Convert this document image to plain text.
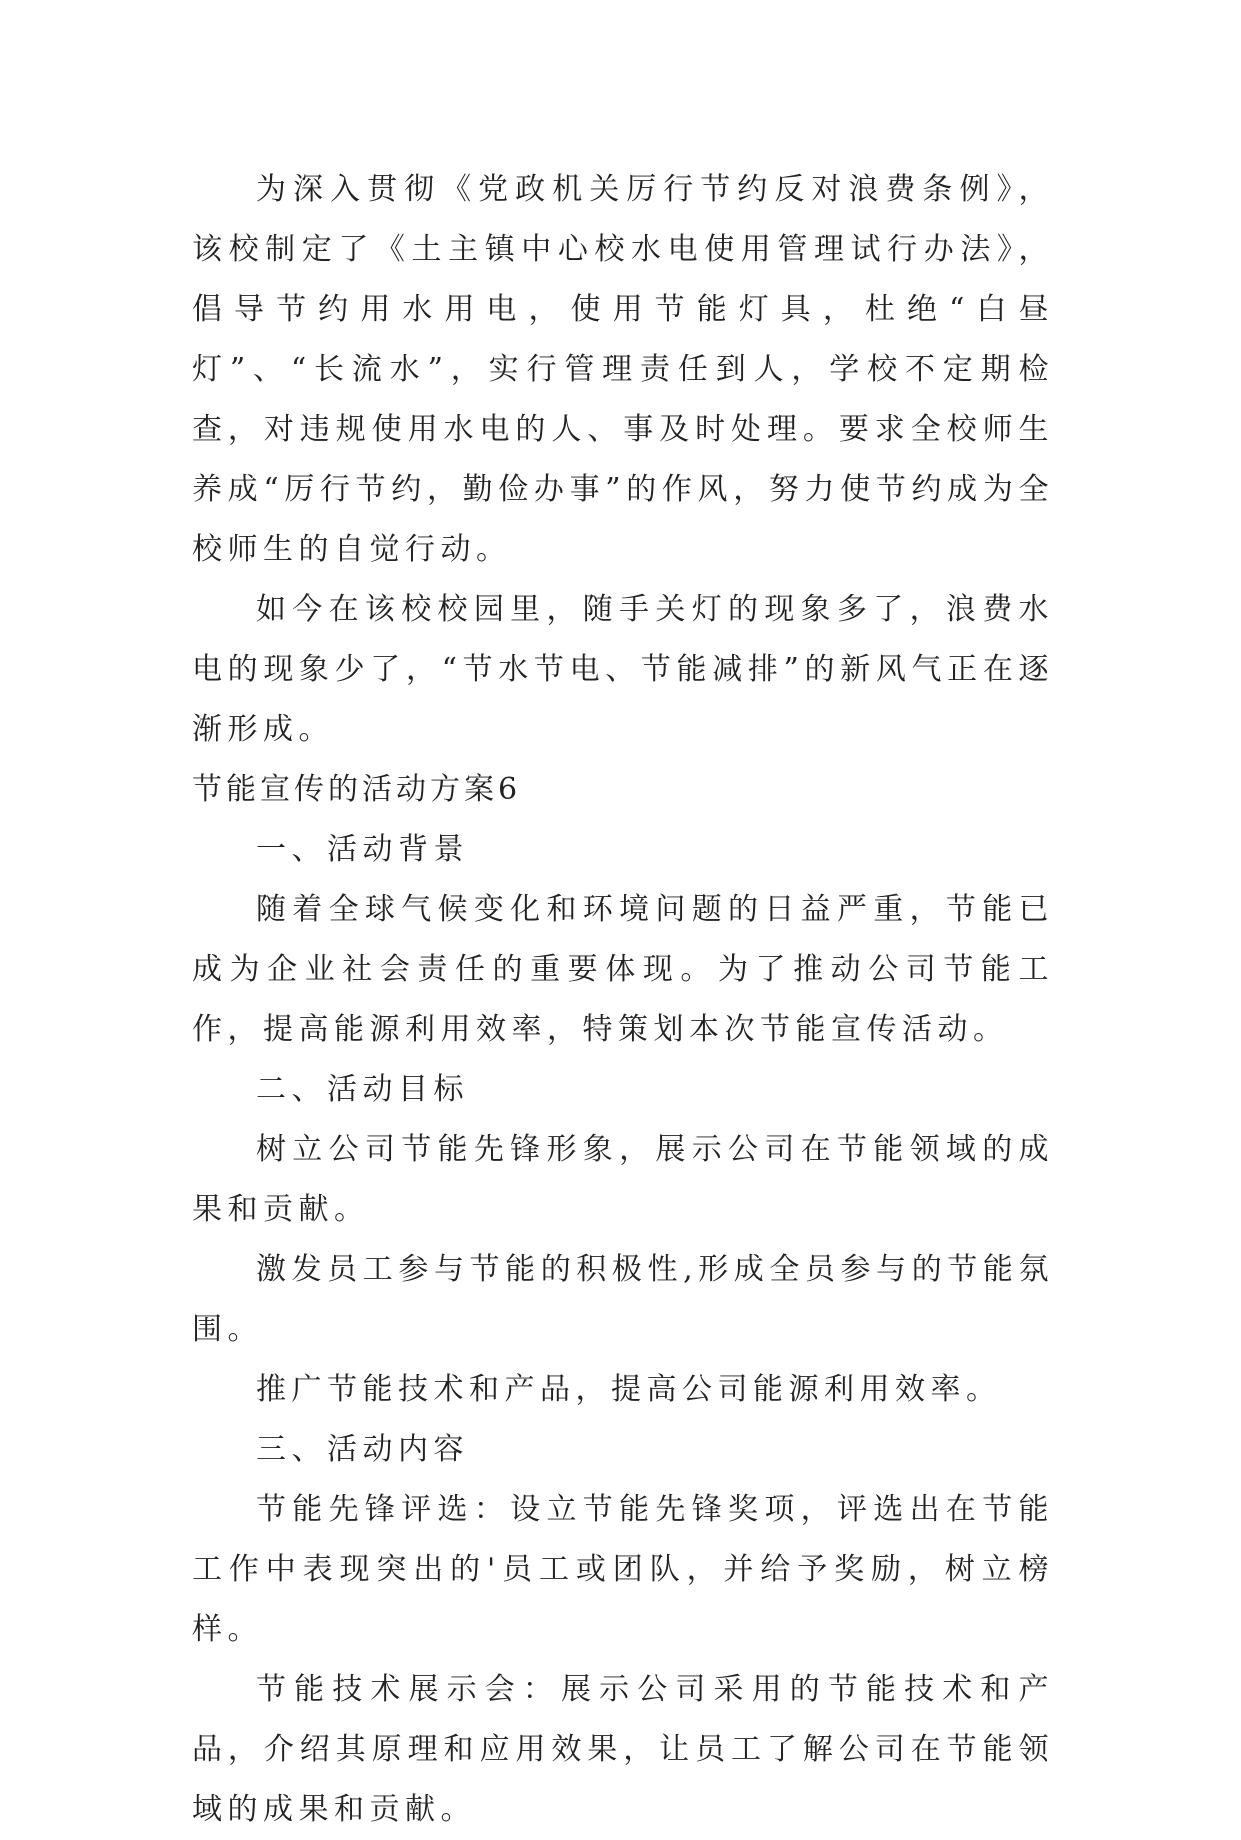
为深入贯彻《党政机关厉行节约反对浪费条例》，该校制定了《土主镇中心校水电使用管理试行办法》，倡导节约用水用电，使用节能灯具，杜绝“白昼灯”、“长流水”，实行管理责任到人，学校不定期检查，对违规使用水电的人、事及时处理。要求全校师生养成“厉行节约，勤俭办事”的作风，努力使节约成为全校师生的自觉行动。

如今在该校校园里，随手关灯的现象多了，浪费水电的现象少了，“节水节电、节能减排”的新风气正在逐渐形成。

节能宣传的活动方案6

一、活动背景

随着全球气候变化和环境问题的日益严重，节能已成为企业社会责任的重要体现。为了推动公司节能工作，提高能源利用效率，特策划本次节能宣传活动。

二、活动目标

树立公司节能先锋形象，展示公司在节能领域的成果和贡献。

激发员工参与节能的积极性,形成全员参与的节能氛围。

推广节能技术和产品，提高公司能源利用效率。

三、活动内容

节能先锋评选：设立节能先锋奖项，评选出在节能工作中表现突出的'员工或团队，并给予奖励，树立榜样。

节能技术展示会：展示公司采用的节能技术和产品，介绍其原理和应用效果，让员工了解公司在节能领域的成果和贡献。
